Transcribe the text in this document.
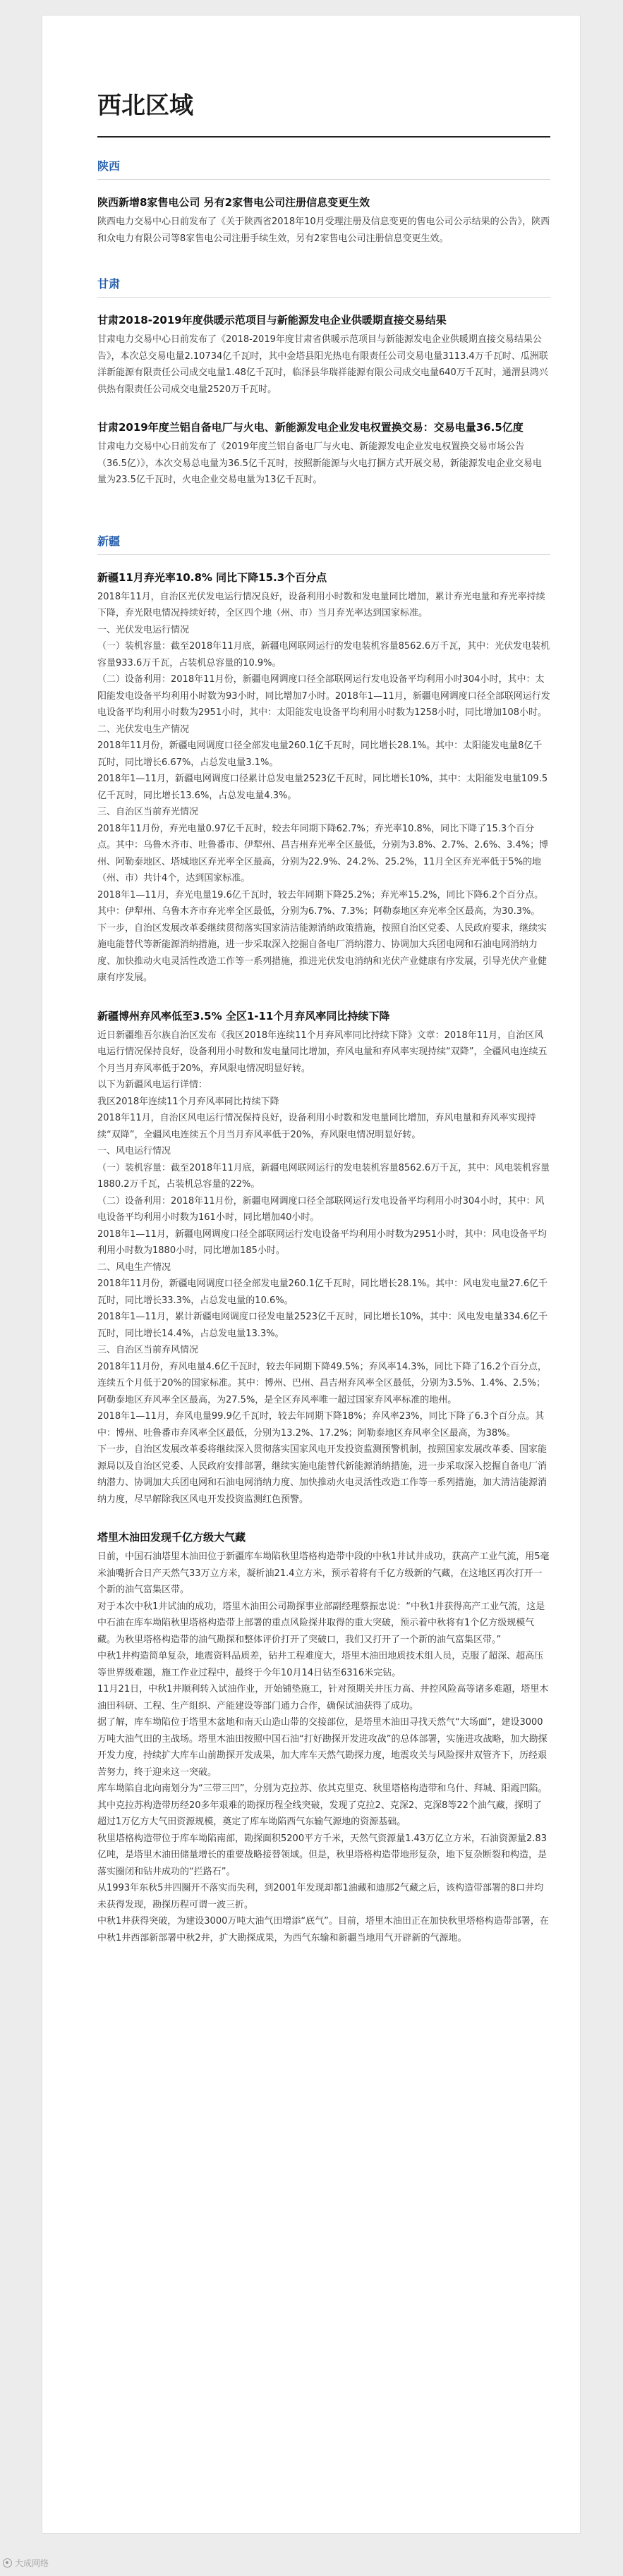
西北区域
陕西
陕西新增8家售电公司 另有2家售电公司注册信息变更生效

陕西电力交易中心日前发布了《关于陕西省2018年10月受理注册及信息变更的售电公司公示结果的公告》，陕西和众电力有限公司等8家售电公司注册手续生效，另有2家售电公司注册信息变更生效。

甘肃
甘肃2018-2019年度供暖示范项目与新能源发电企业供暖期直接交易结果

甘肃电力交易中心日前发布了《2018-2019年度甘肃省供暖示范项目与新能源发电企业供暖期直接交易结果公告》，本次总交易电量2.10734亿千瓦时，其中金塔县阳光热电有限责任公司交易电量3113.4万千瓦时、瓜洲联洋新能源有限责任公司成交电量1.48亿千瓦时，临泽县华瑞祥能源有限公司成交电量640万千瓦时，通渭县鸿兴供热有限责任公司成交电量2520万千瓦时。

甘肃2019年度兰铝自备电厂与火电、新能源发电企业发电权置换交易：交易电量36.5亿度

甘肃电力交易中心日前发布了《2019年度兰铝自备电厂与火电、新能源发电企业发电权置换交易市场公告（36.5亿）》，本次交易总电量为36.5亿千瓦时，按照新能源与火电打捆方式开展交易，新能源发电企业交易电量为23.5亿千瓦时，火电企业交易电量为13亿千瓦时。

新疆
新疆11月弃光率10.8% 同比下降15.3个百分点

2018年11月，自治区光伏发电运行情况良好，设备利用小时数和发电量同比增加，累计弃光电量和弃光率持续下降，弃光限电情况持续好转，全区四个地（州、市）当月弃光率达到国家标准。

一、光伏发电运行情况

（一）装机容量：截至2018年11月底，新疆电网联网运行的发电装机容量8562.6万千瓦，其中：光伏发电装机容量933.6万千瓦，占装机总容量的10.9%。

（二）设备利用：2018年11月份，新疆电网调度口径全部联网运行发电设备平均利用小时304小时，其中：太阳能发电设备平均利用小时数为93小时，同比增加7小时。2018年1—11月，新疆电网调度口径全部联网运行发电设备平均利用小时数为2951小时，其中：太阳能发电设备平均利用小时数为1258小时，同比增加108小时。

二、光伏发电生产情况

2018年11月份，新疆电网调度口径全部发电量260.1亿千瓦时，同比增长28.1%。其中：太阳能发电量8亿千瓦时，同比增长6.67%，占总发电量3.1%。

2018年1—11月，新疆电网调度口径累计总发电量2523亿千瓦时，同比增长10%，其中：太阳能发电量109.5亿千瓦时，同比增长13.6%，占总发电量4.3%。

三、自治区当前弃光情况

2018年11月份，弃光电量0.97亿千瓦时，较去年同期下降62.7%；弃光率10.8%，同比下降了15.3个百分点。其中：乌鲁木齐市、吐鲁番市、伊犁州、昌吉州弃光率全区最低，分别为3.8%、2.7%、2.6%、3.4%；博州、阿勒泰地区、塔城地区弃光率全区最高，分别为22.9%、24.2%、25.2%，11月全区弃光率低于5%的地（州、市）共计4个，达到国家标准。

2018年1—11月，弃光电量19.6亿千瓦时，较去年同期下降25.2%；弃光率15.2%，同比下降6.2个百分点。其中：伊犁州、乌鲁木齐市弃光率全区最低，分别为6.7%、7.3%；阿勒泰地区弃光率全区最高，为30.3%。

下一步，自治区发展改革委继续贯彻落实国家清洁能源消纳政策措施，按照自治区党委、人民政府要求，继续实施电能替代等新能源消纳措施，进一步采取深入挖掘自备电厂消纳潜力、协调加大兵团电网和石油电网消纳力度、加快推动火电灵活性改造工作等一系列措施，推进光伏发电消纳和光伏产业健康有序发展，引导光伏产业健康有序发展。

新疆博州弃风率低至3.5% 全区1-11个月弃风率同比持续下降

近日新疆维吾尔族自治区发布《我区2018年连续11个月弃风率同比持续下降》文章：2018年11月，自治区风电运行情况保持良好，设备利用小时数和发电量同比增加，弃风电量和弃风率实现持续“双降”，全疆风电连续五个月当月弃风率低于20%，弃风限电情况明显好转。

以下为新疆风电运行详情：

我区2018年连续11个月弃风率同比持续下降

2018年11月，自治区风电运行情况保持良好，设备利用小时数和发电量同比增加，弃风电量和弃风率实现持续“双降”，全疆风电连续五个月当月弃风率低于20%，弃风限电情况明显好转。

一、风电运行情况

（一）装机容量：截至2018年11月底，新疆电网联网运行的发电装机容量8562.6万千瓦，其中：风电装机容量1880.2万千瓦，占装机总容量的22%。

（二）设备利用：2018年11月份，新疆电网调度口径全部联网运行发电设备平均利用小时304小时，其中：风电设备平均利用小时数为161小时，同比增加40小时。

2018年1—11月，新疆电网调度口径全部联网运行发电设备平均利用小时数为2951小时，其中：风电设备平均利用小时数为1880小时，同比增加185小时。

二、风电生产情况

2018年11月份，新疆电网调度口径全部发电量260.1亿千瓦时，同比增长28.1%。其中：风电发电量27.6亿千瓦时，同比增长33.3%，占总发电量的10.6%。

2018年1—11月，累计新疆电网调度口径发电量2523亿千瓦时，同比增长10%，其中：风电发电量334.6亿千瓦时，同比增长14.4%，占总发电量13.3%。

三、自治区当前弃风情况

2018年11月份，弃风电量4.6亿千瓦时，较去年同期下降49.5%；弃风率14.3%，同比下降了16.2个百分点，连续五个月低于20%的国家标准。其中：博州、巴州、昌吉州弃风率全区最低，分别为3.5%、1.4%、2.5%；阿勒泰地区弃风率全区最高，为27.5%，是全区弃风率唯一超过国家弃风率标准的地州。

2018年1—11月，弃风电量99.9亿千瓦时，较去年同期下降18%；弃风率23%，同比下降了6.3个百分点。其中：博州、吐鲁番市弃风率全区最低，分别为13.2%、17.2%；阿勒泰地区弃风率全区最高，为38%。

下一步，自治区发展改革委将继续深入贯彻落实国家风电开发投资监测预警机制，按照国家发展改革委、国家能源局以及自治区党委、人民政府安排部署，继续实施电能替代新能源消纳措施，进一步采取深入挖掘自备电厂消纳潜力、协调加大兵团电网和石油电网消纳力度、加快推动火电灵活性改造工作等一系列措施，加大清洁能源消纳力度，尽早解除我区风电开发投资监测红色预警。

塔里木油田发现千亿方级大气藏

日前，中国石油塔里木油田位于新疆库车坳陷秋里塔格构造带中段的中秋1井试井成功，获高产工业气流，用5毫米油嘴折合日产天然气33万立方米，凝析油21.4立方米，预示着将有千亿方级新的气藏，在这地区再次打开一个新的油气富集区带。

对于本次中秋1井试油的成功，塔里木油田公司勘探事业部副经理蔡振忠说：“中秋1井获得高产工业气流，这是中石油在库车坳陷秋里塔格构造带上部署的重点风险探井取得的重大突破，预示着中秋将有1个亿方级规模气藏。为秋里塔格构造带的油气勘探和整体评价打开了突破口，我们又打开了一个新的油气富集区带。”

中秋1井构造简单复杂，地震资料品质差，钻井工程难度大，塔里木油田地质技术组人员，克服了超深、超高压等世界级难题，施工作业过程中，最终于今年10月14日钻至6316米完钻。

11月21日，中秋1井顺利转入试油作业，开始铺垫施工，针对预期关井压力高、井控风险高等诸多难题，塔里木油田科研、工程、生产组织、产能建设等部门通力合作，确保试油获得了成功。

据了解，库车坳陷位于塔里木盆地和南天山造山带的交接部位，是塔里木油田寻找天然气“大场面”，建设3000万吨大油气田的主战场。塔里木油田按照中国石油“打好勘探开发进攻战”的总体部署，实施进攻战略，加大勘探开发力度，持续扩大库车山前勘探开发成果，加大库车天然气勘探力度，地震攻关与风险探井双管齐下，历经艰苦努力，终于迎来这一突破。

库车坳陷自北向南划分为“三带三凹”，分别为克拉苏、依其克里克、秋里塔格构造带和乌什、拜城、阳霞凹陷。其中克拉苏构造带历经20多年艰难的勘探历程全线突破，发现了克拉2、克深2、克深8等22个油气藏，探明了超过1万亿方大气田资源规模，奠定了库车坳陷西气东输气源地的资源基础。

秋里塔格构造带位于库车坳陷南部，勘探面积5200平方千米，天然气资源量1.43万亿立方米，石油资源量2.83亿吨，是塔里木油田储量增长的重要战略接替领域。但是，秋里塔格构造带地形复杂，地下复杂断裂和构造，是落实圈闭和钻井成功的“拦路石”。

从1993年东秋5井四圈开不落实而失利，到2001年发现却都1油藏和迪那2气藏之后，该构造带部署的8口井均未获得发现，勘探历程可谓一波三折。

中秋1井获得突破，为建设3000万吨大油气田增添“底气”。目前，塔里木油田正在加快秋里塔格构造带部署，在中秋1井西部新部署中秋2井，扩大勘探成果，为西气东输和新疆当地用气开辟新的气源地。

大成网络
